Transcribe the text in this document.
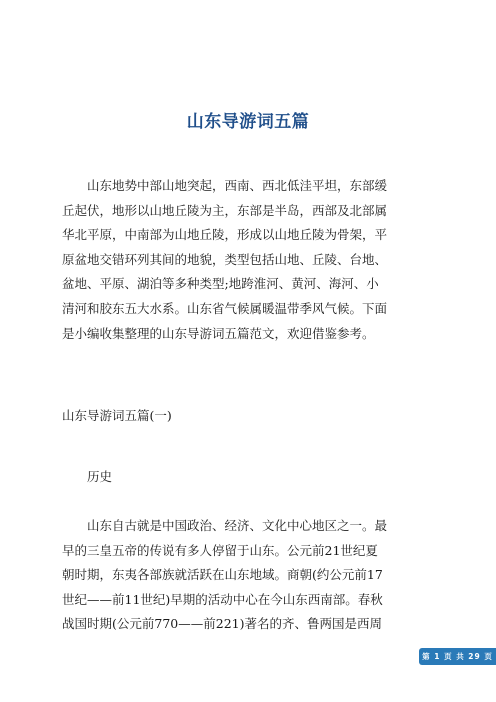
山东导游词五篇
　　山东地势中部山地突起，西南、西北低洼平坦，东部缓
丘起伏，地形以山地丘陵为主，东部是半岛，西部及北部属
华北平原，中南部为山地丘陵，形成以山地丘陵为骨架，平
原盆地交错环列其间的地貌，类型包括山地、丘陵、台地、
盆地、平原、湖泊等多种类型;地跨淮河、黄河、海河、小
清河和胶东五大水系。山东省气候属暖温带季风气候。下面
是小编收集整理的山东导游词五篇范文，欢迎借鉴参考。
山东导游词五篇(一)
　　历史
　　山东自古就是中国政治、经济、文化中心地区之一。最
早的三皇五帝的传说有多人停留于山东。公元前21世纪夏
朝时期，东夷各部族就活跃在山东地域。商朝(约公元前17
世纪——前11世纪)早期的活动中心在今山东西南部。春秋
战国时期(公元前770——前221)著名的齐、鲁两国是西周
第 1 页 共 29 页
